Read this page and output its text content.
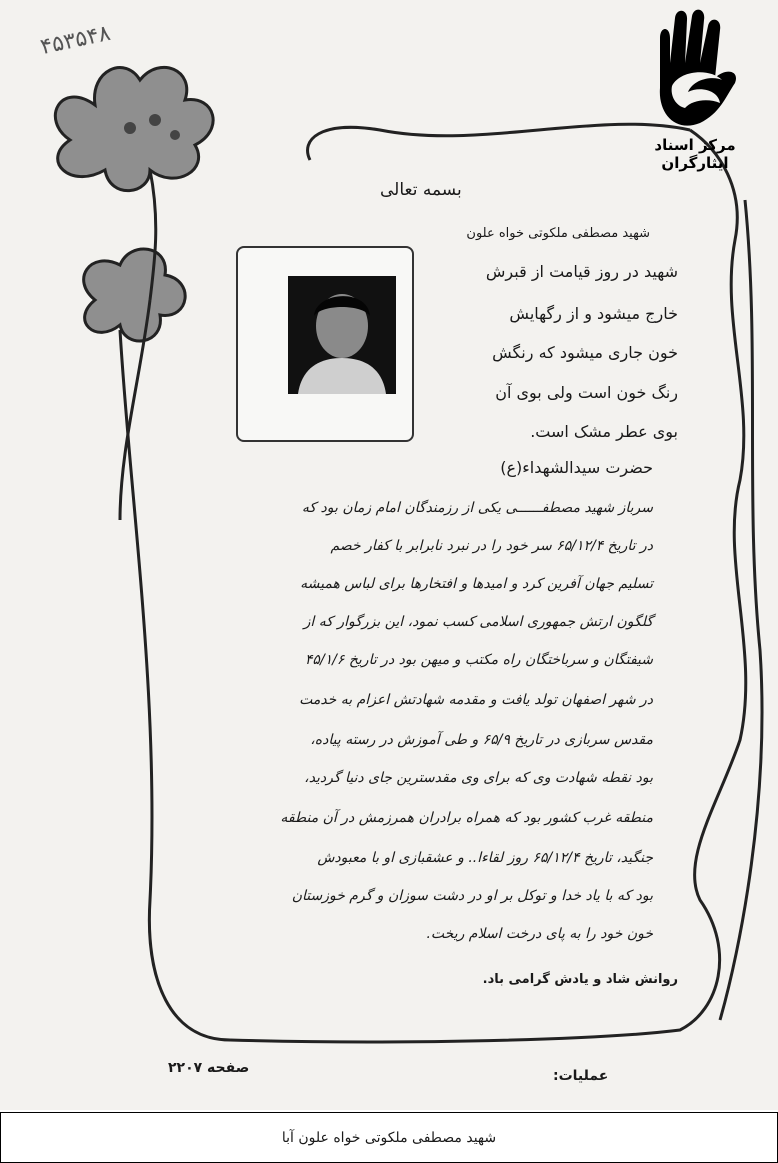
۴۵۳۵۴۸
مرکز اسناد ایثارگران
بسمه تعالی
شهید مصطفی ملکوتی خواه علون
شهید در روز قیامت از قبرش
خارج میشود و از رگهایش
خون جاری میشود که رنگش
رنگ خون است ولی بوی آن
بوی عطر مشک است.
حضرت سیدالشهداء(ع)
سرباز شهید مصطفــــــی یکی از رزمندگان امام زمان بود که
در تاریخ ۶۵/۱۲/۴ سر خود را در نبرد نابرابر با کفار خصم
تسلیم جهان آفرین کرد و امیدها و افتخارها برای لباس همیشه
گلگون ارتش جمهوری اسلامی کسب نمود، این بزرگوار که از
شیفتگان و سرباختگان راه مکتب و میهن بود در تاریخ ۴۵/۱/۶
در شهر اصفهان تولد یافت و مقدمه شهادتش اعزام به خدمت
مقدس سربازی در تاریخ ۶۵/۹ و طی آموزش در رسته پیاده،
بود نقطه شهادت وی که برای وی مقدسترین جای دنیا گردید،
منطقه غرب کشور بود که همراه برادران همرزمش در آن منطقه
جنگید، تاریخ ۶۵/۱۲/۴ روز لقاءا.. و عشقبازی او با معبودش
بود که با یاد خدا و توکل بر او در دشت سوزان و گرم خوزستان
خون خود را به پای درخت اسلام ریخت.
روانش شاد و یادش گرامی باد.
صفحه ۲۲۰۷	عملیات:
شهید مصطفی ملکوتی خواه علون آبا
